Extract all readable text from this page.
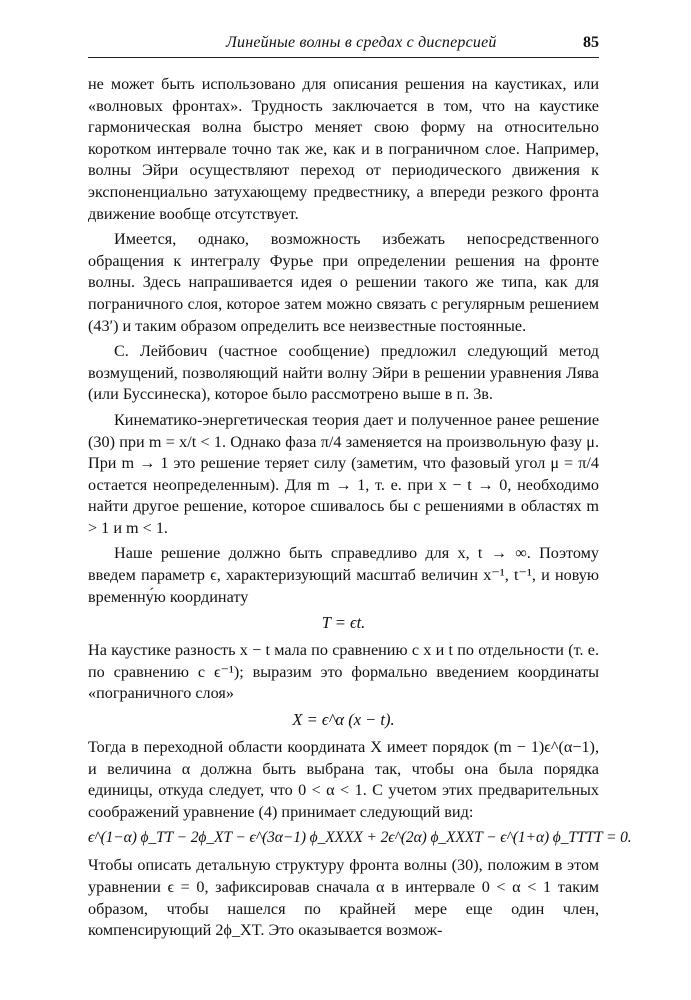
Линейные волны в средах с дисперсией	85

не может быть использовано для описания решения на каустиках, или «волновых фронтах». Трудность заключается в том, что на каустике гармоническая волна быстро меняет свою форму на относительно коротком интервале точно так же, как и в пограничном слое. Например, волны Эйри осуществляют переход от периодического движения к экспоненциально затухающему предвестнику, а впереди резкого фронта движение вообще отсутствует.

Имеется, однако, возможность избежать непосредственного обращения к интегралу Фурье при определении решения на фронте волны. Здесь напрашивается идея о решении такого же типа, как для пограничного слоя, которое затем можно связать с регулярным решением (43′) и таким образом определить все неизвестные постоянные.

С. Лейбович (частное сообщение) предложил следующий метод возмущений, позволяющий найти волну Эйри в решении уравнения Лява (или Буссинеска), которое было рассмотрено выше в п. 3в.

Кинематико-энергетическая теория дает и полученное ранее решение (30) при m = x/t < 1. Однако фаза π/4 заменяется на произвольную фазу μ. При m → 1 это решение теряет силу (заметим, что фазовый угол μ = π/4 остается неопределенным). Для m → 1, т. е. при x − t → 0, необходимо найти другое решение, которое сшивалось бы с решениями в областях m > 1 и m < 1.

Наше решение должно быть справедливо для x, t → ∞. Поэтому введем параметр ϵ, характеризующий масштаб величин x⁻¹, t⁻¹, и новую временну́ю координату

T = ϵt.

На каустике разность x − t мала по сравнению с x и t по отдельности (т. е. по сравнению с ϵ⁻¹); выразим это формально введением координаты «пограничного слоя»

X = ϵ^α (x − t).

Тогда в переходной области координата X имеет порядок (m − 1)ϵ^(α−1), и величина α должна быть выбрана так, чтобы она была порядка единицы, откуда следует, что 0 < α < 1. С учетом этих предварительных соображений уравнение (4) принимает следующий вид:

ϵ^(1−α) ϕ_TT − 2ϕ_XT − ϵ^(3α−1) ϕ_XXXX + 2ϵ^(2α) ϕ_XXXT − ϵ^(1+α) ϕ_TTTT = 0.

Чтобы описать детальную структуру фронта волны (30), положим в этом уравнении ϵ = 0, зафиксировав сначала α в интервале 0 < α < 1 таким образом, чтобы нашелся по крайней мере еще один член, компенсирующий 2ϕ_XT. Это оказывается возмож-
